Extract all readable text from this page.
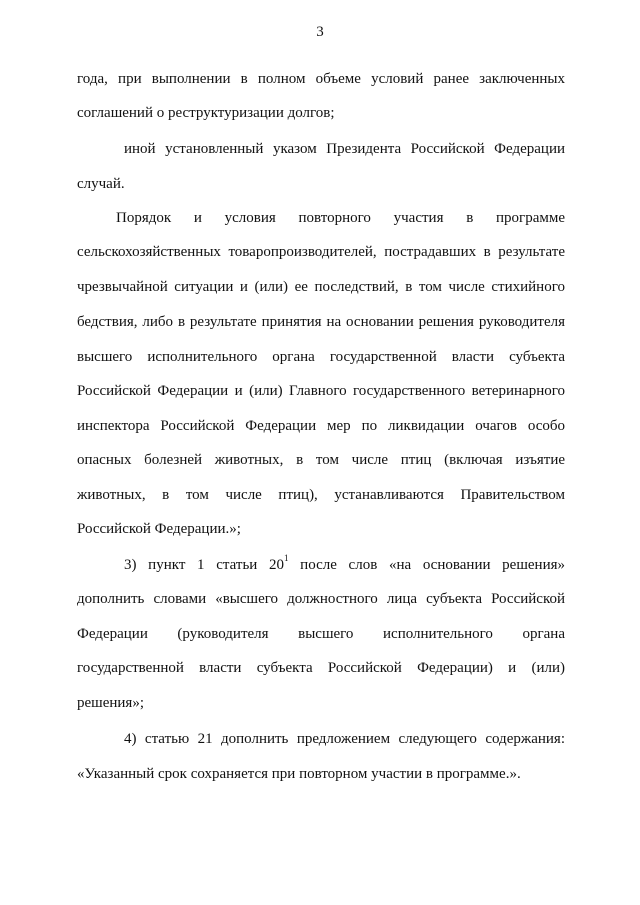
3
года, при выполнении в полном объеме условий ранее заключенных
соглашений о реструктуризации долгов;
иной установленный указом Президента Российской Федерации
случай.
Порядок и условия повторного участия в программе
сельскохозяйственных товаропроизводителей, пострадавших в результате
чрезвычайной ситуации и (или) ее последствий, в том числе стихийного
бедствия, либо в результате принятия на основании решения руководителя
высшего исполнительного органа государственной власти субъекта
Российской Федерации и (или) Главного государственного ветеринарного
инспектора Российской Федерации мер по ликвидации очагов особо
опасных болезней животных, в том числе птиц (включая изъятие
животных, в том числе птиц), устанавливаются Правительством
Российской Федерации.»;
3) пункт 1 статьи $20^1$ после слов «на основании решения»
дополнить словами «высшего должностного лица субъекта Российской
Федерации (руководителя высшего исполнительного органа
государственной власти субъекта Российской Федерации) и (или)
решения»;
4) статью 21 дополнить предложением следующего содержания:
«Указанный срок сохраняется при повторном участии в программе.».
